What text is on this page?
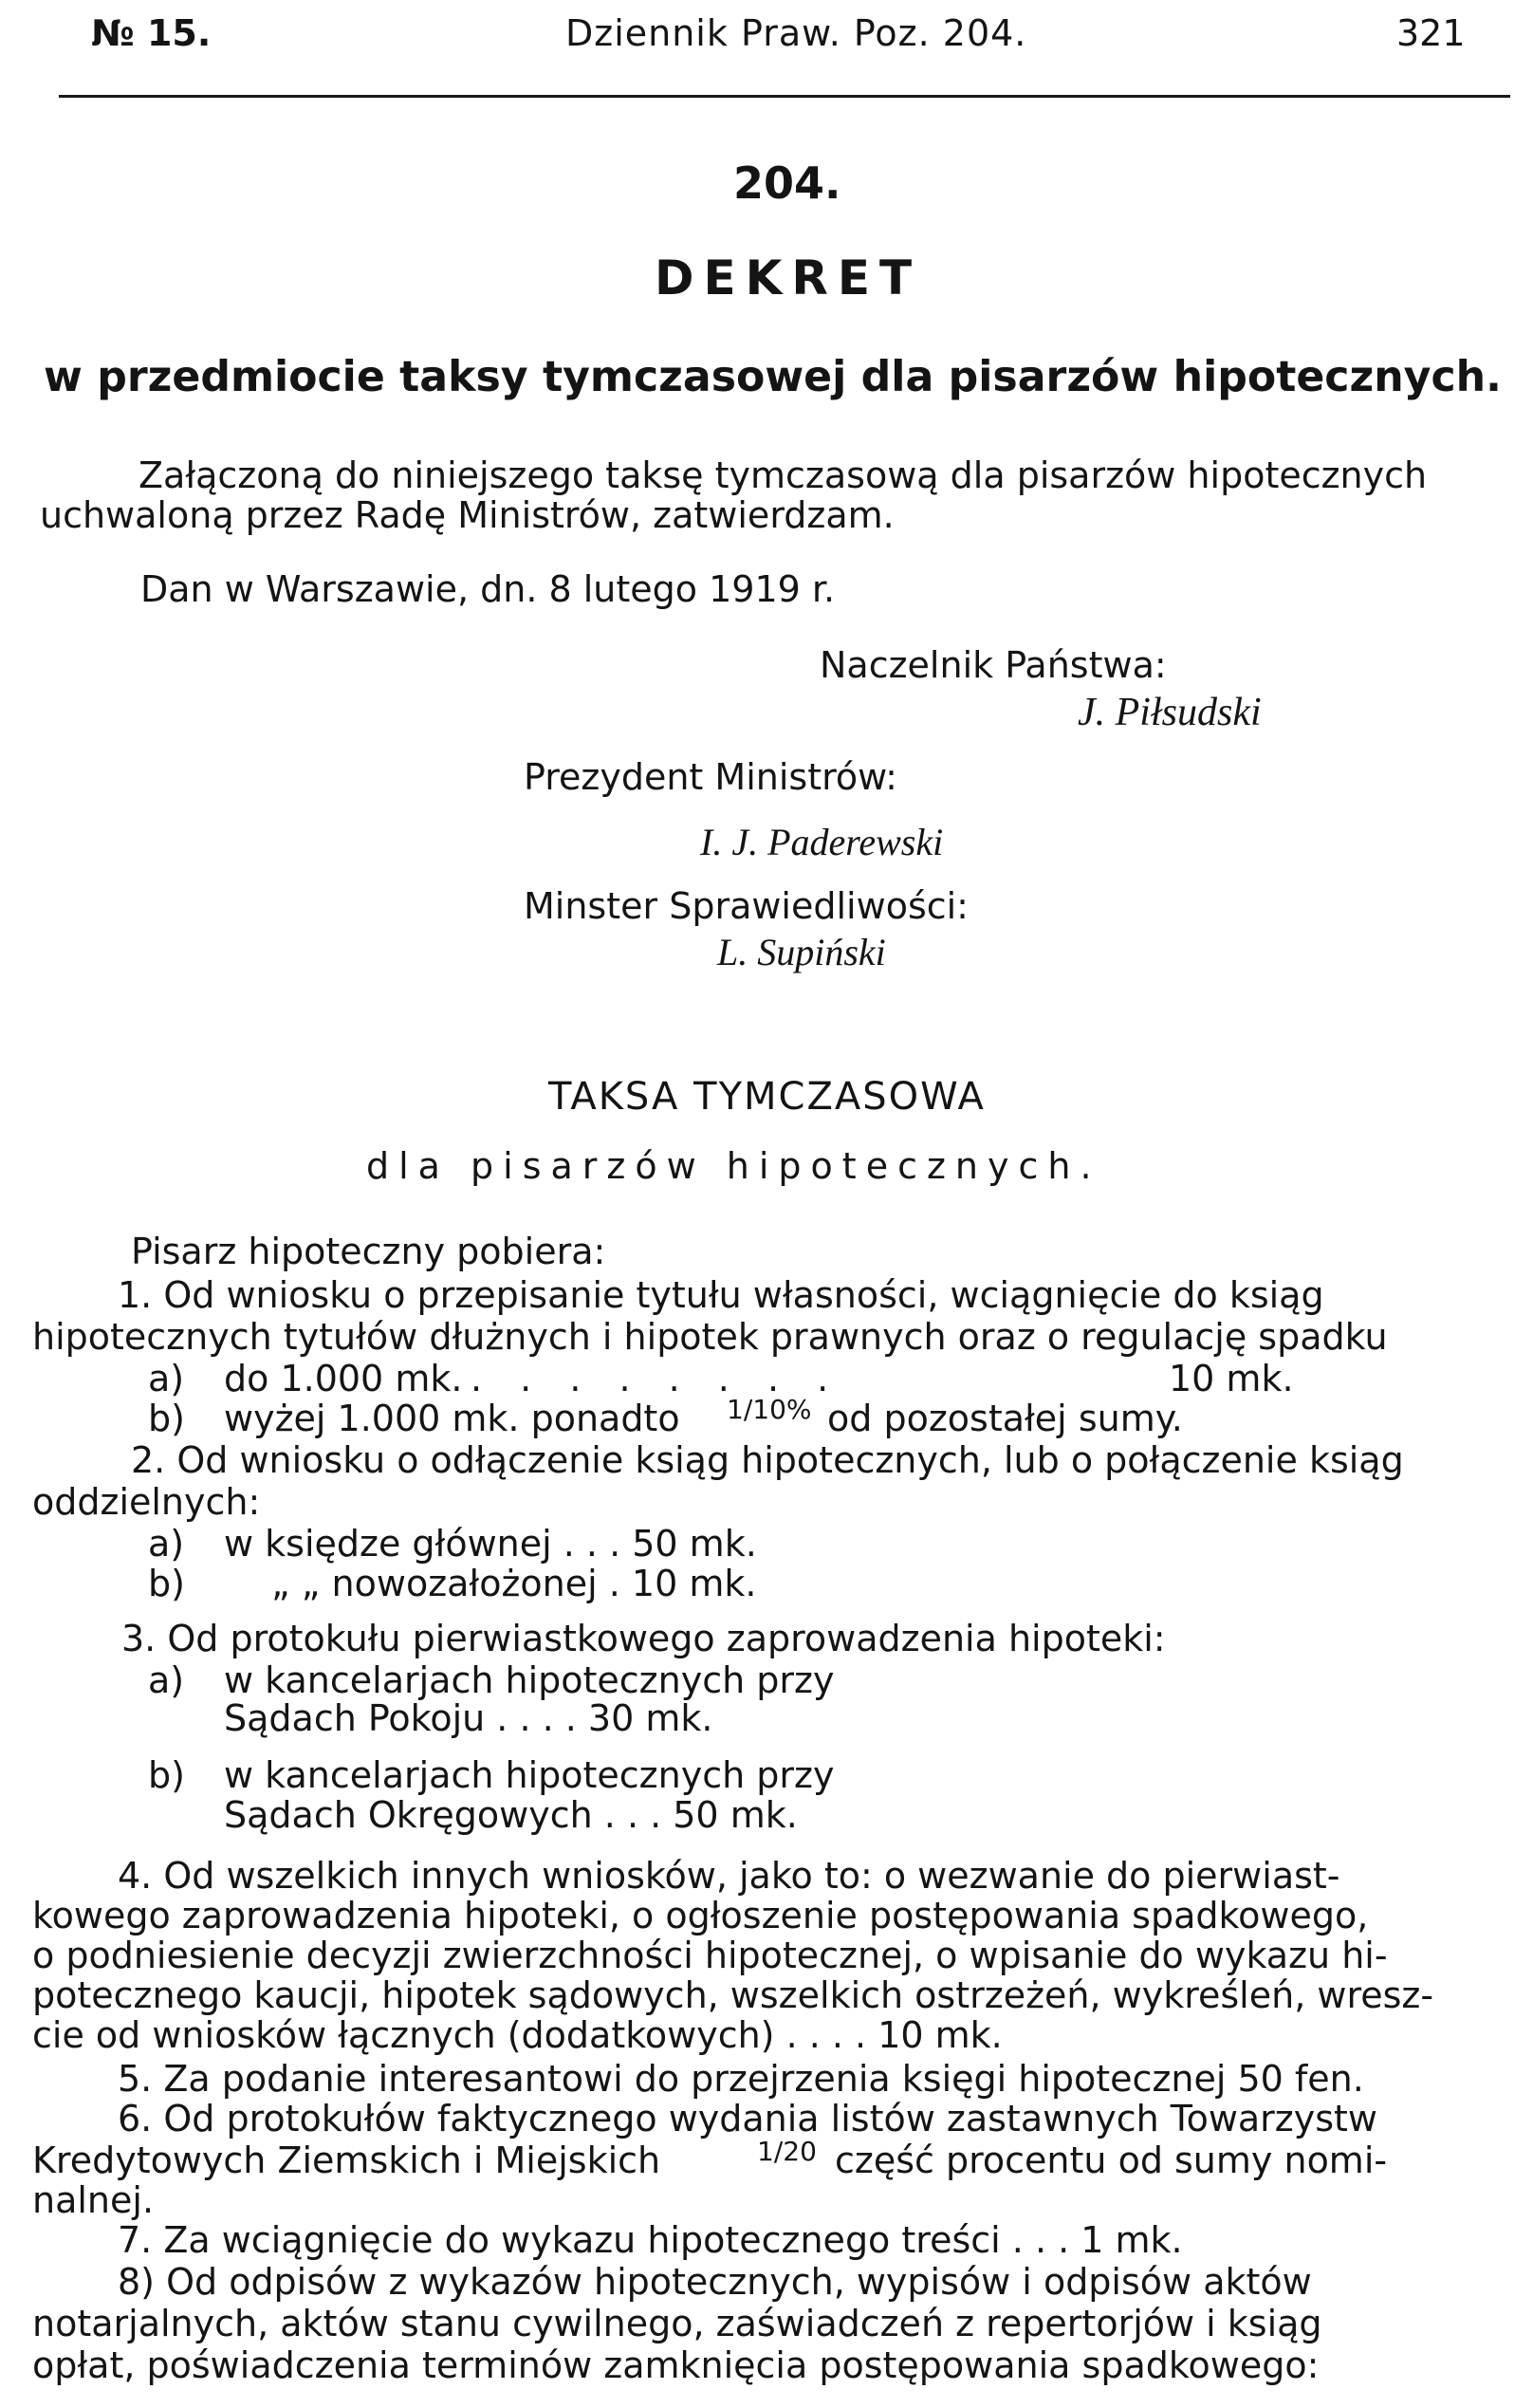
№ 15.	Dziennik Praw. Poz. 204.	321
204.
DEKRET
w przedmiocie taksy tymczasowej dla pisarzów hipotecznych.
Załączoną do niniejszego taksę tymczasową dla pisarzów hipotecznych
uchwaloną przez Radę Ministrów, zatwierdzam.
Dan w Warszawie, dn. 8 lutego 1919 r.
Naczelnik Państwa:
J. Piłsudski
Prezydent Ministrów:
I. J. Paderewski
Minster Sprawiedliwości:
L. Supiński
TAKSA TYMCZASOWA
dla pisarzów hipotecznych.
Pisarz hipoteczny pobiera:
1. Od wniosku o przepisanie tytułu własności, wciągnięcie do ksiąg
hipotecznych tytułów dłużnych i hipotek prawnych oraz o regulację spadku
a) do 1.000 mk. . . . . . . . .	10 mk.
b) wyżej 1.000 mk. ponadto 1/10% od pozostałej sumy.
2. Od wniosku o odłączenie ksiąg hipotecznych, lub o połączenie ksiąg
oddzielnych:
a) w księdze głównej . . . 50 mk.
b) „ „ nowozałożonej . 10 mk.
3. Od protokułu pierwiastkowego zaprowadzenia hipoteki:
a) w kancelarjach hipotecznych przy
Sądach Pokoju . . . . 30 mk.
b) w kancelarjach hipotecznych przy
Sądach Okręgowych . . . 50 mk.
4. Od wszelkich innych wniosków, jako to: o wezwanie do pierwiast-
kowego zaprowadzenia hipoteki, o ogłoszenie postępowania spadkowego,
o podniesienie decyzji zwierzchności hipotecznej, o wpisanie do wykazu hi-
potecznego kaucji, hipotek sądowych, wszelkich ostrzeżeń, wykreśleń, wresz-
cie od wniosków łącznych (dodatkowych) . . . . 10 mk.
5. Za podanie interesantowi do przejrzenia księgi hipotecznej 50 fen.
6. Od protokułów faktycznego wydania listów zastawnych Towarzystw
Kredytowych Ziemskich i Miejskich	1/20 część procentu od sumy nomi-
nalnej.
7. Za wciągnięcie do wykazu hipotecznego treści . . . 1 mk.
8) Od odpisów z wykazów hipotecznych, wypisów i odpisów aktów
notarjalnych, aktów stanu cywilnego, zaświadczeń z repertorjów i ksiąg
opłat, poświadczenia terminów zamknięcia postępowania spadkowego:
